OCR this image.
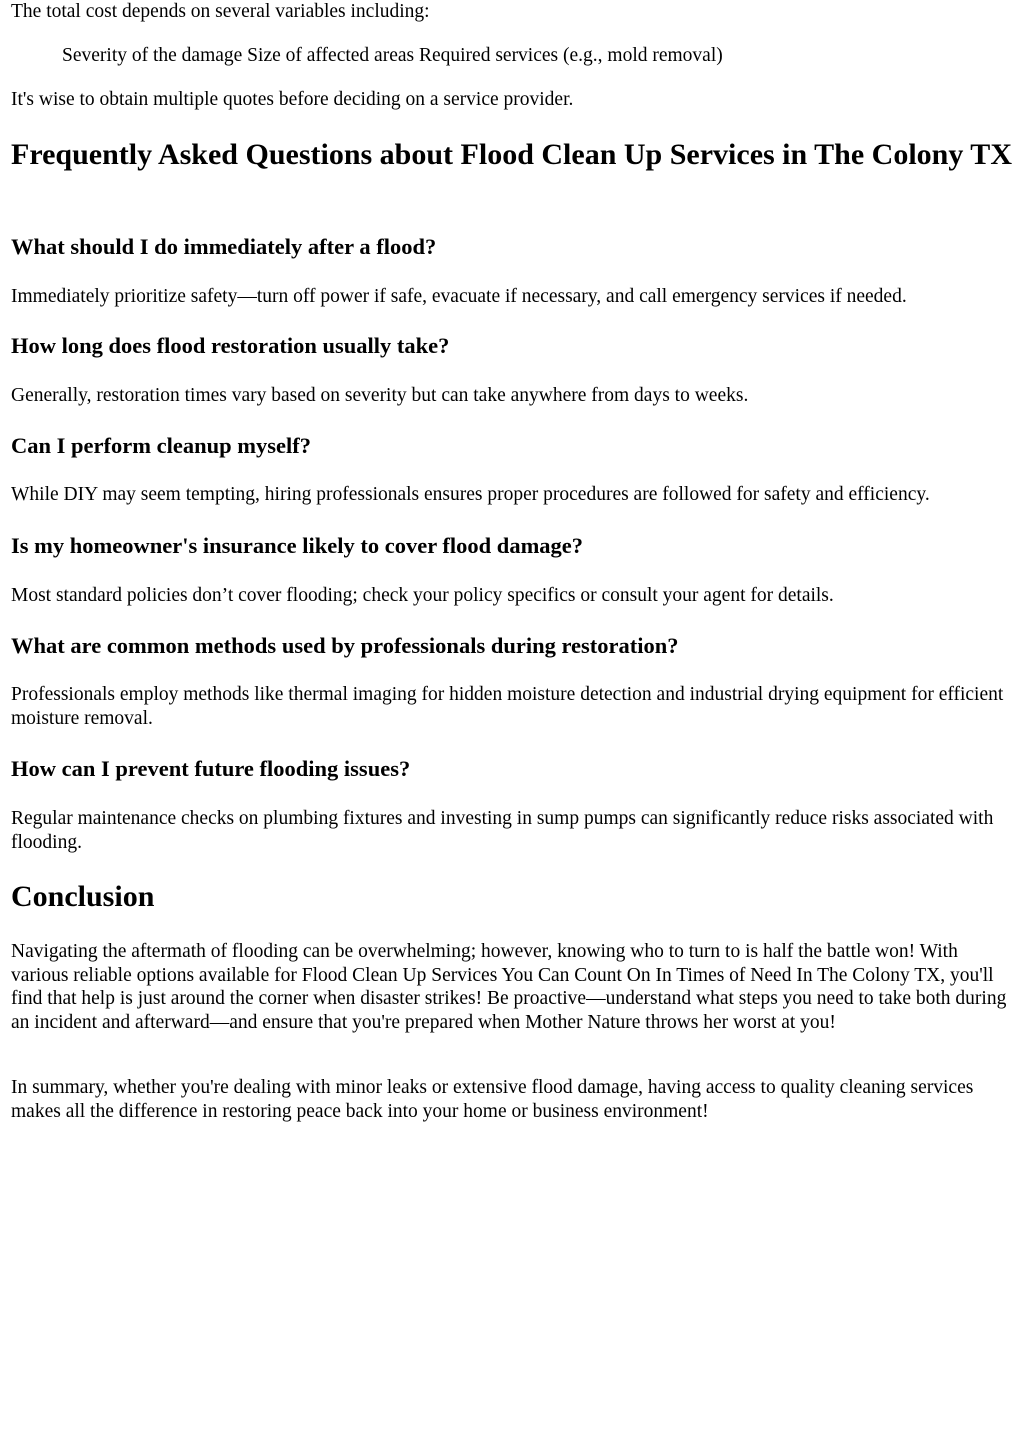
The total cost depends on several variables including:

Severity of the damage Size of affected areas Required services (e.g., mold removal)

It's wise to obtain multiple quotes before deciding on a service provider.

Frequently Asked Questions about Flood Clean Up Services in The Colony TX
What should I do immediately after a flood?

Immediately prioritize safety—turn off power if safe, evacuate if necessary, and call emergency services if needed.

How long does flood restoration usually take?

Generally, restoration times vary based on severity but can take anywhere from days to weeks.

Can I perform cleanup myself?

While DIY may seem tempting, hiring professionals ensures proper procedures are followed for safety and efficiency.

Is my homeowner's insurance likely to cover flood damage?

Most standard policies don’t cover flooding; check your policy specifics or consult your agent for details.

What are common methods used by professionals during restoration?

Professionals employ methods like thermal imaging for hidden moisture detection and industrial drying equipment for efficient moisture removal.

How can I prevent future flooding issues?

Regular maintenance checks on plumbing fixtures and investing in sump pumps can significantly reduce risks associated with flooding.

Conclusion

Navigating the aftermath of flooding can be overwhelming; however, knowing who to turn to is half the battle won! With various reliable options available for Flood Clean Up Services You Can Count On In Times of Need In The Colony TX, you'll find that help is just around the corner when disaster strikes! Be proactive—understand what steps you need to take both during an incident and afterward—and ensure that you're prepared when Mother Nature throws her worst at you!

In summary, whether you're dealing with minor leaks or extensive flood damage, having access to quality cleaning services makes all the difference in restoring peace back into your home or business environment!
